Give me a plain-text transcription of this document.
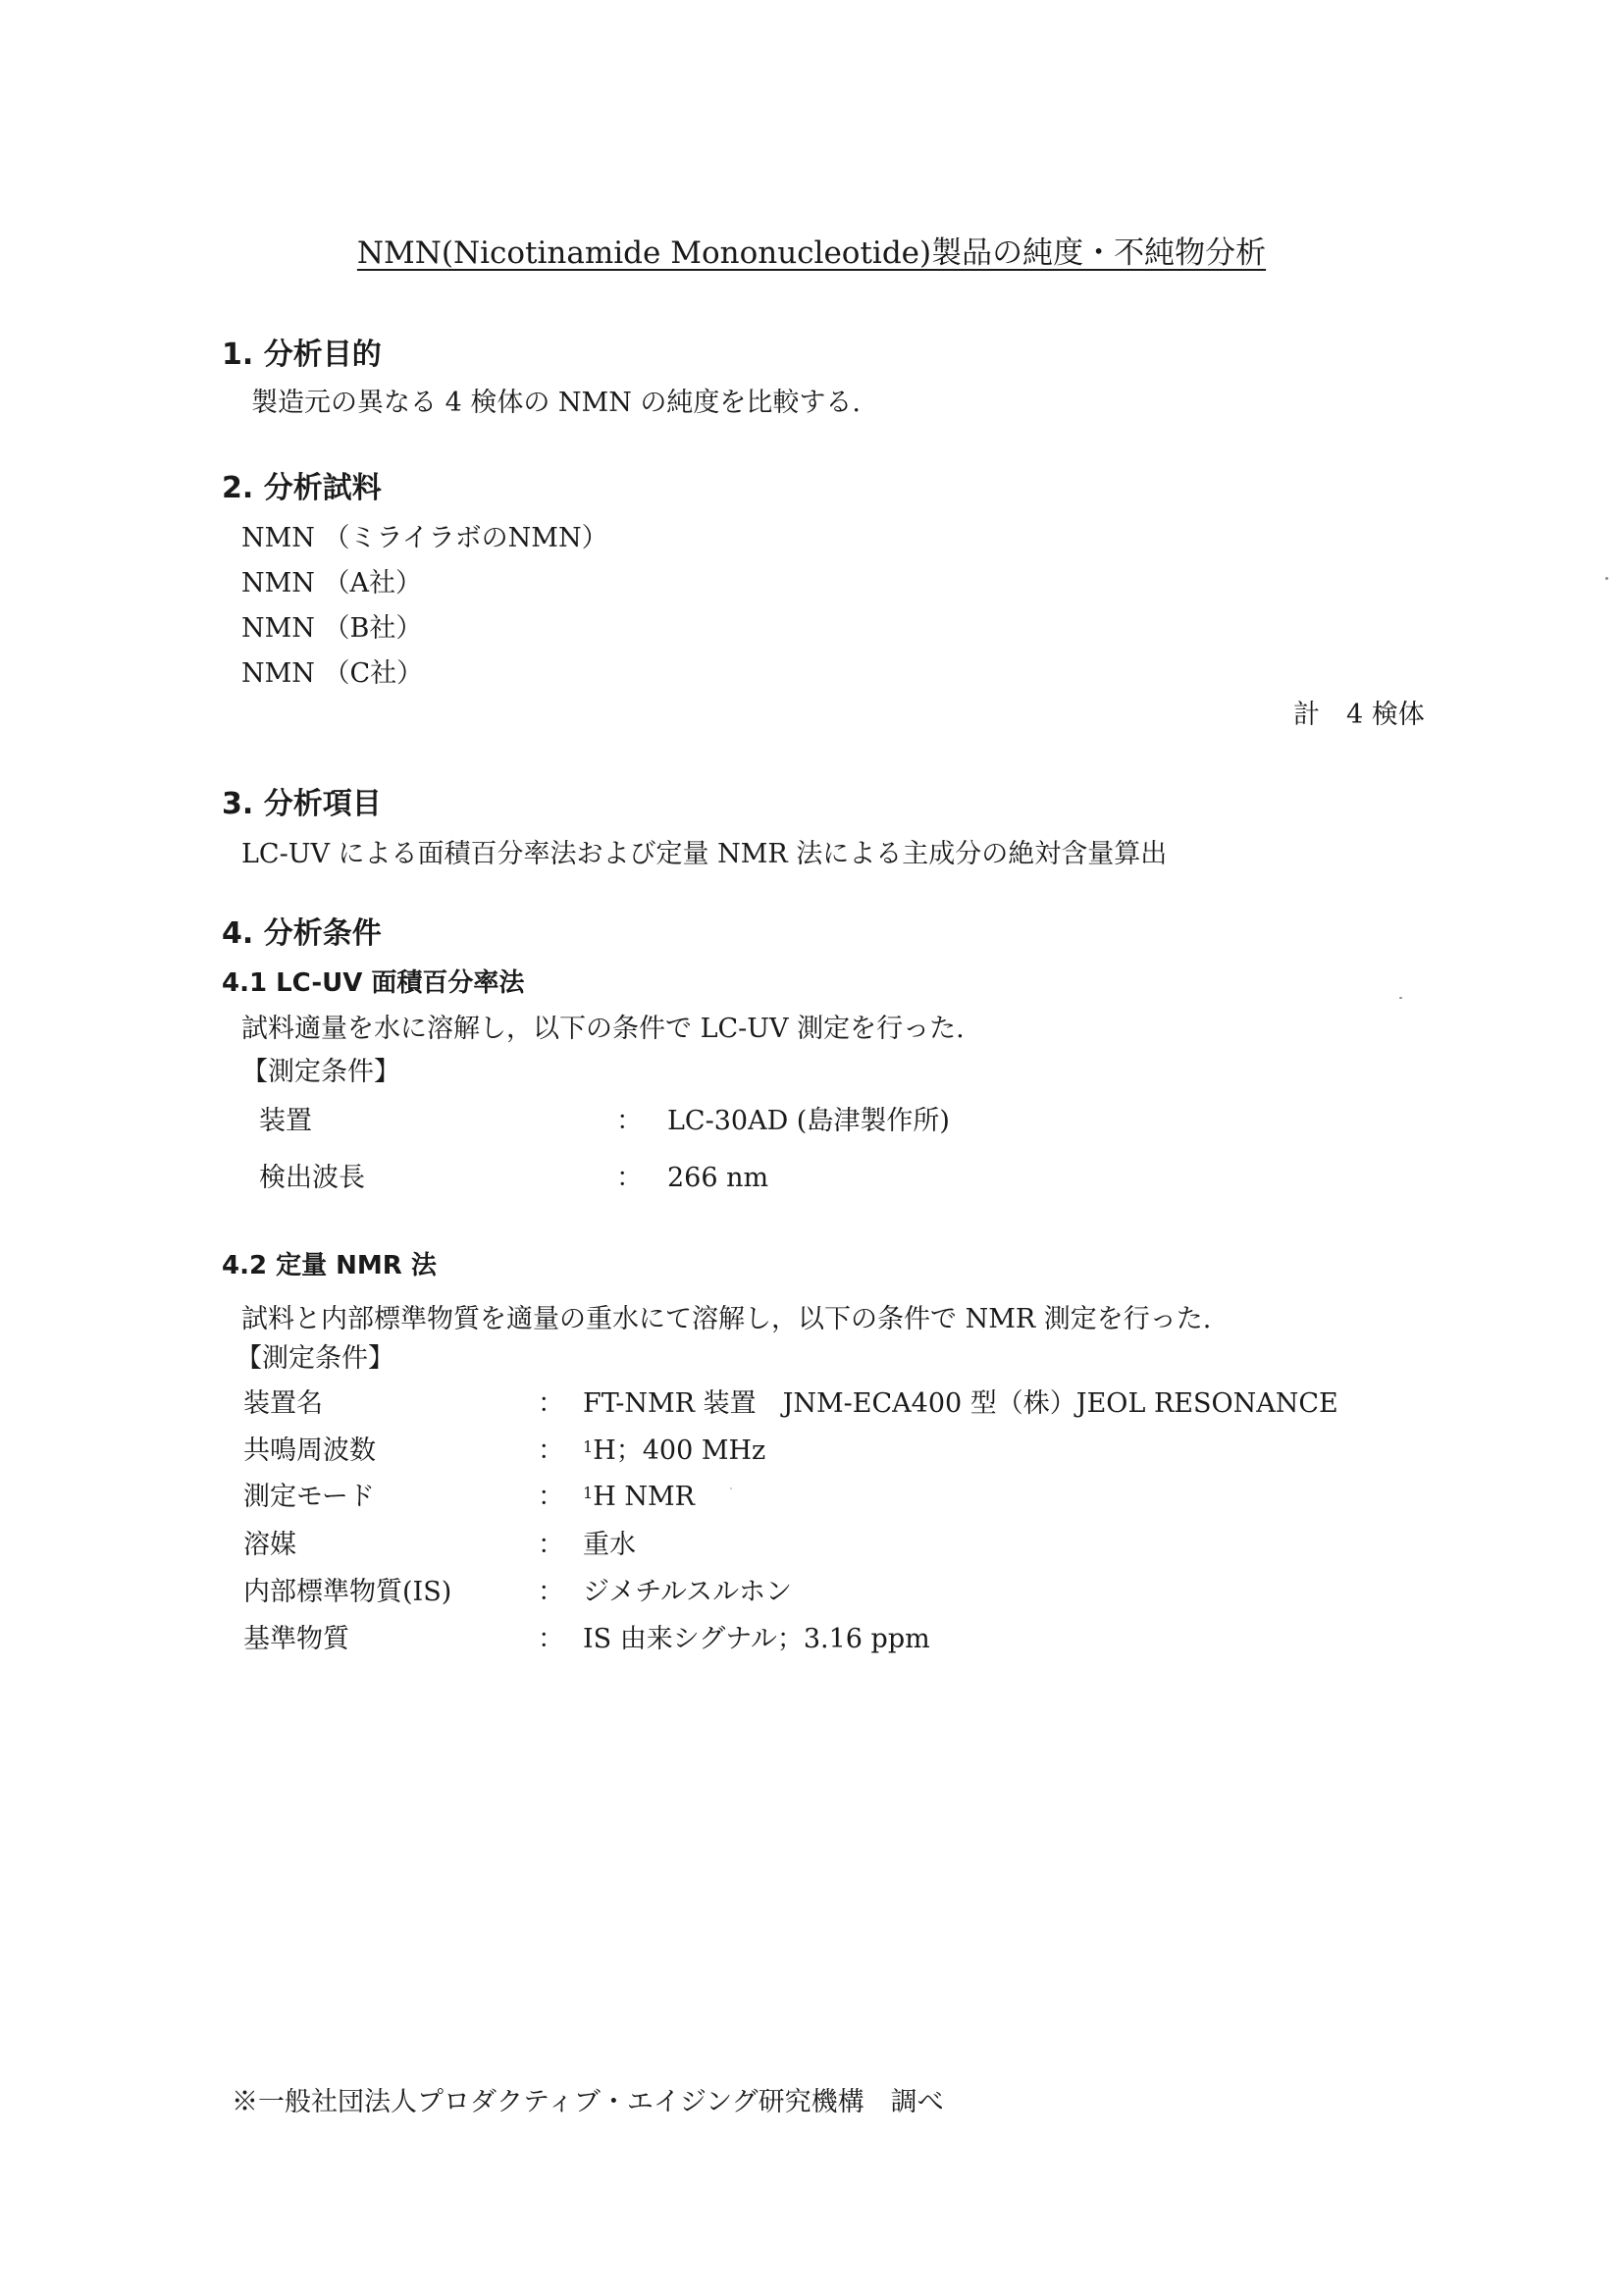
NMN(Nicotinamide Mononucleotide)製品の純度・不純物分析
1. 分析目的
製造元の異なる 4 検体の NMN の純度を比較する.
2. 分析試料
NMN （ミライラボのNMN）
NMN （A社）
NMN （B社）
NMN （C社）
計　4 検体
3. 分析項目
LC-UV による面積百分率法および定量 NMR 法による主成分の絶対含量算出
4. 分析条件
4.1 LC-UV 面積百分率法
試料適量を水に溶解し，以下の条件で LC-UV 測定を行った.
【測定条件】
装置	： LC-30AD (島津製作所)
検出波長	： 266 nm
4.2 定量 NMR 法
試料と内部標準物質を適量の重水にて溶解し，以下の条件で NMR 測定を行った.
【測定条件】
装置名	： FT-NMR 装置　JNM-ECA400 型（株）JEOL RESONANCE
共鳴周波数	： $^1$H；400 MHz
測定モード	： $^1$H NMR
溶媒	： 重水
内部標準物質(IS)	： ジメチルスルホン
基準物質	： IS 由来シグナル；3.16 ppm
※一般社団法人プロダクティブ・エイジング研究機構　調べ
